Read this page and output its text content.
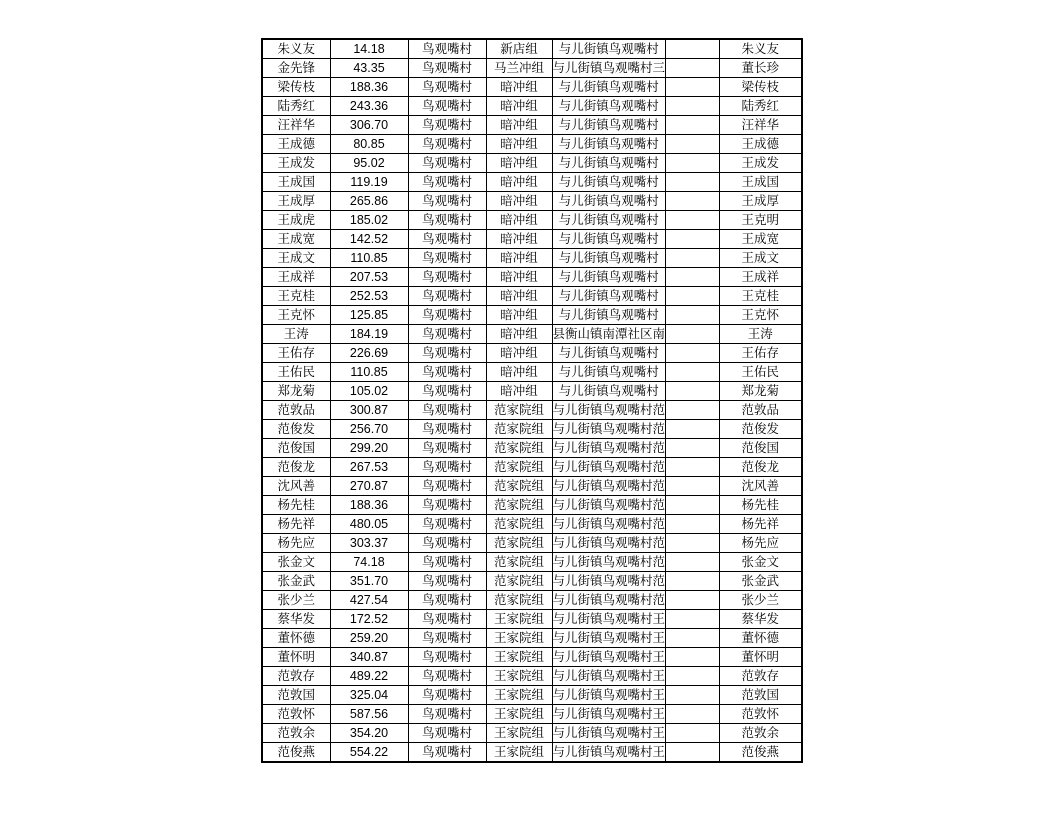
朱义友	14.18	鸟观嘴村	新店组	与儿街镇鸟观嘴村		朱义友
金先锋	43.35	鸟观嘴村	马兰冲组	与儿街镇鸟观嘴村三		董长珍
梁传枝	188.36	鸟观嘴村	暗冲组	与儿街镇鸟观嘴村		梁传枝
陆秀红	243.36	鸟观嘴村	暗冲组	与儿街镇鸟观嘴村		陆秀红
汪祥华	306.70	鸟观嘴村	暗冲组	与儿街镇鸟观嘴村		汪祥华
王成德	80.85	鸟观嘴村	暗冲组	与儿街镇鸟观嘴村		王成德
王成发	95.02	鸟观嘴村	暗冲组	与儿街镇鸟观嘴村		王成发
王成国	119.19	鸟观嘴村	暗冲组	与儿街镇鸟观嘴村		王成国
王成厚	265.86	鸟观嘴村	暗冲组	与儿街镇鸟观嘴村		王成厚
王成虎	185.02	鸟观嘴村	暗冲组	与儿街镇鸟观嘴村		王克明
王成宽	142.52	鸟观嘴村	暗冲组	与儿街镇鸟观嘴村		王成宽
王成文	110.85	鸟观嘴村	暗冲组	与儿街镇鸟观嘴村		王成文
王成祥	207.53	鸟观嘴村	暗冲组	与儿街镇鸟观嘴村		王成祥
王克桂	252.53	鸟观嘴村	暗冲组	与儿街镇鸟观嘴村		王克桂
王克怀	125.85	鸟观嘴村	暗冲组	与儿街镇鸟观嘴村		王克怀
王涛	184.19	鸟观嘴村	暗冲组	县衡山镇南潭社区南		王涛
王佑存	226.69	鸟观嘴村	暗冲组	与儿街镇鸟观嘴村		王佑存
王佑民	110.85	鸟观嘴村	暗冲组	与儿街镇鸟观嘴村		王佑民
郑龙菊	105.02	鸟观嘴村	暗冲组	与儿街镇鸟观嘴村		郑龙菊
范敦品	300.87	鸟观嘴村	范家院组	与儿街镇鸟观嘴村范		范敦品
范俊发	256.70	鸟观嘴村	范家院组	与儿街镇鸟观嘴村范		范俊发
范俊国	299.20	鸟观嘴村	范家院组	与儿街镇鸟观嘴村范		范俊国
范俊龙	267.53	鸟观嘴村	范家院组	与儿街镇鸟观嘴村范		范俊龙
沈风善	270.87	鸟观嘴村	范家院组	与儿街镇鸟观嘴村范		沈风善
杨先桂	188.36	鸟观嘴村	范家院组	与儿街镇鸟观嘴村范		杨先桂
杨先祥	480.05	鸟观嘴村	范家院组	与儿街镇鸟观嘴村范		杨先祥
杨先应	303.37	鸟观嘴村	范家院组	与儿街镇鸟观嘴村范		杨先应
张金文	74.18	鸟观嘴村	范家院组	与儿街镇鸟观嘴村范		张金文
张金武	351.70	鸟观嘴村	范家院组	与儿街镇鸟观嘴村范		张金武
张少兰	427.54	鸟观嘴村	范家院组	与儿街镇鸟观嘴村范		张少兰
蔡华发	172.52	鸟观嘴村	王家院组	与儿街镇鸟观嘴村王		蔡华发
董怀德	259.20	鸟观嘴村	王家院组	与儿街镇鸟观嘴村王		董怀德
董怀明	340.87	鸟观嘴村	王家院组	与儿街镇鸟观嘴村王		董怀明
范敦存	489.22	鸟观嘴村	王家院组	与儿街镇鸟观嘴村王		范敦存
范敦国	325.04	鸟观嘴村	王家院组	与儿街镇鸟观嘴村王		范敦国
范敦怀	587.56	鸟观嘴村	王家院组	与儿街镇鸟观嘴村王		范敦怀
范敦余	354.20	鸟观嘴村	王家院组	与儿街镇鸟观嘴村王		范敦余
范俊燕	554.22	鸟观嘴村	王家院组	与儿街镇鸟观嘴村王		范俊燕
